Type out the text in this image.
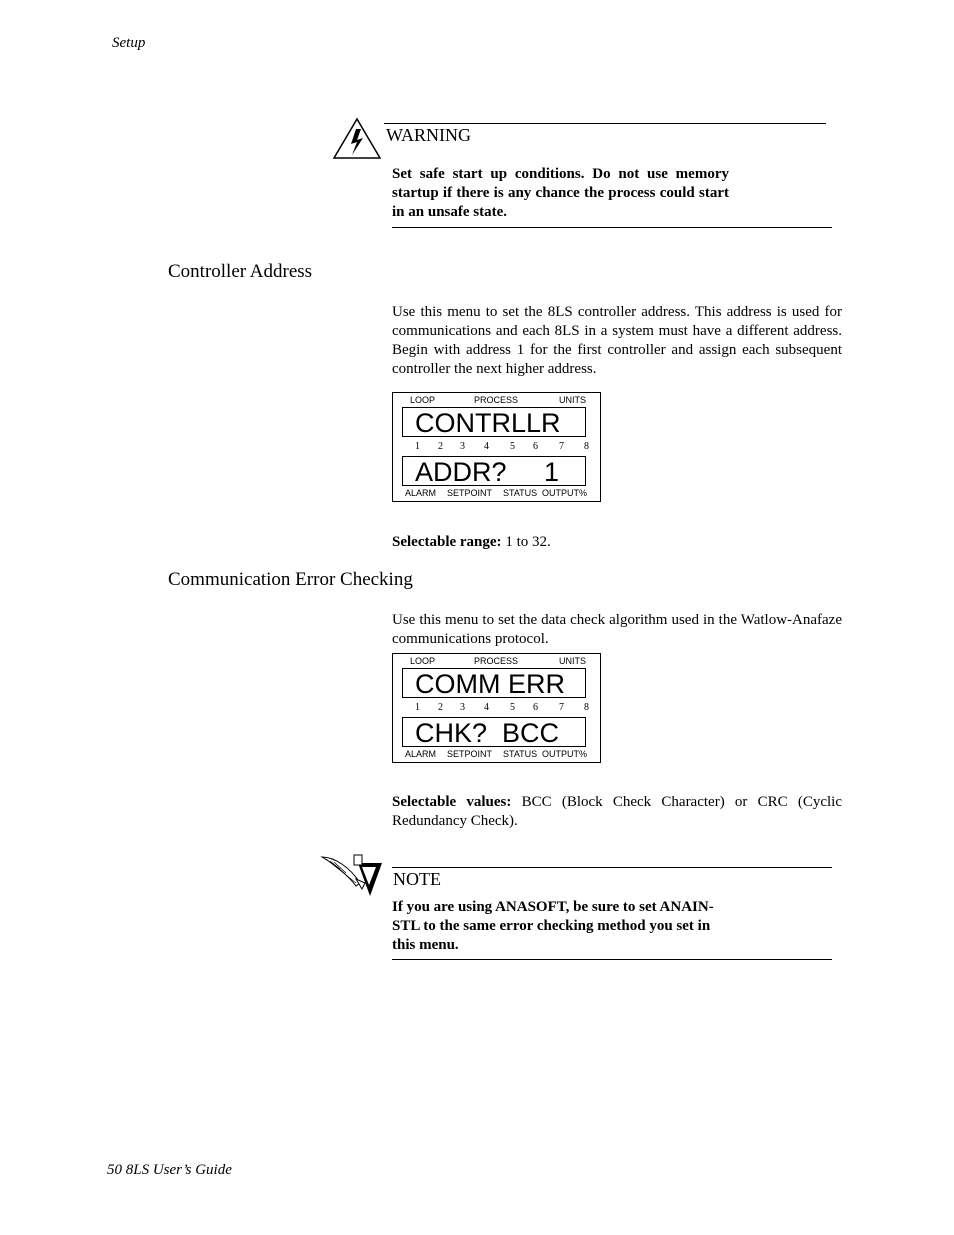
Setup
WARNING
Set safe start up conditions. Do not use memory startup if there is any chance the process could start in an unsafe state.
Controller Address
Use this menu to set the 8LS controller address. This address is used for communications and each 8LS in a system must have a different address. Begin with address 1 for the first controller and assign each subsequent controller the next higher address.
LOOP	PROCESS	UNITS
CONTRLLR
1 2 3 4 5 6 7 8
ADDR?     1
ALARM SETPOINT STATUS OUTPUT%
Selectable range: 1 to 32.
Communication Error Checking
Use this menu to set the data check algorithm used in the Watlow-Anafaze communications protocol.
LOOP	PROCESS	UNITS
COMM ERR
1 2 3 4 5 6 7 8
CHK?  BCC
ALARM SETPOINT STATUS OUTPUT%
Selectable values: BCC (Block Check Character) or CRC (Cyclic Redundancy Check).
NOTE
If you are using ANASOFT, be sure to set ANAIN-STL to the same error checking method you set in this menu.
50 8LS User’s Guide
